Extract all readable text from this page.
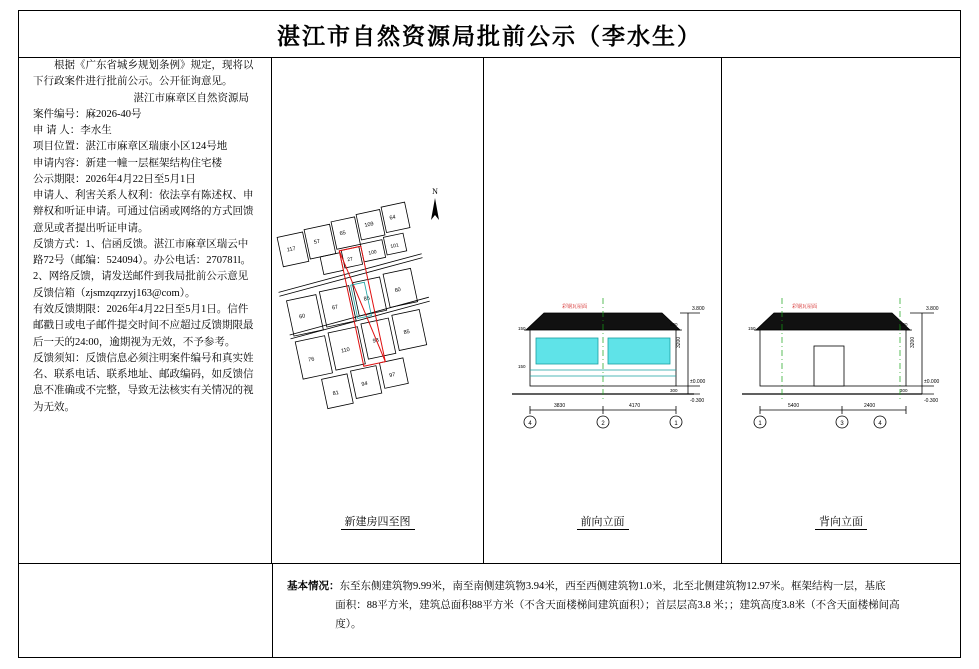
湛江市自然资源局批前公示（李水生）

根据《广东省城乡规划条例》规定，现将以下行政案件进行批前公示。公开征询意见。

湛江市麻章区自然资源局

案件编号：麻2026-40号

申 请 人：李水生

项目位置：湛江市麻章区瑞康小区124号地

申请内容：新建一幢一层框架结构住宅楼

公示期限：2026年4月22日至5月1日

申请人、利害关系人权利：依法享有陈述权、申辩权和听证申请。可通过信函或网络的方式回馈意见或者提出听证申请。

反馈方式：1、信函反馈。湛江市麻章区瑞云中路72号（邮编：524094）。办公电话：270781l。

2、网络反馈，请发送邮件到我局批前公示意见反馈信箱（zjsmzqzrzyj163@com）。

有效反馈期限：2026年4月22日至5月1日。信件邮戳日或电子邮件提交时间不应超过反馈期限最后一天的24:00，逾期视为无效，不予参考。

反馈须知：反馈信息必须注明案件编号和真实姓名、联系电话、联系地址、邮政编码，如反馈信息不准确或不完整，导致无法核实有关情况的视为无效。

N
117
57
65
109
64
27
100
101
60
67
85
60
76
110
98
85
81
94
97
新建房四至图
彩钢瓦屋面	3.800
±0.000
-0.300
3200
600
300
150
150
3830	4170
4	2	1
前向立面
彩钢瓦屋面	3.800
±0.000
-0.300
3200
600
300
150
5400	2400
1	3	4
背向立面
基本情况：东至东侧建筑物9.99米，南至南侧建筑物3.94米，西至西侧建筑物1.0米，北至北侧建筑物12.97米。框架结构一层，基底
面积：88平方米，建筑总面积88平方米（不含天面楼梯间建筑面积）；首层层高3.8 米；；建筑高度3.8米（不含天面楼梯间高
度）。
